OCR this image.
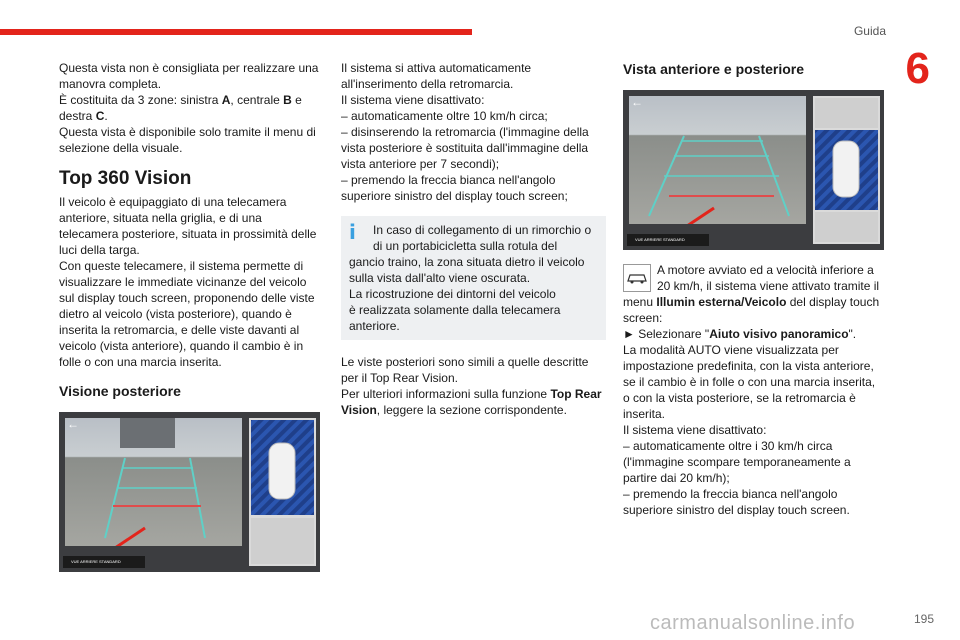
Guida
6
Questa vista non è consigliata per realizzare una
manovra completa.
È costituita da 3 zone: sinistra A, centrale B e
destra C.
Questa vista è disponibile solo tramite il menu di
selezione della visuale.
Top 360 Vision
Il veicolo è equipaggiato di una telecamera
anteriore, situata nella griglia, e di una
telecamera posteriore, situata in prossimità delle
luci della targa.
Con queste telecamere, il sistema permette di
visualizzare le immediate vicinanze del veicolo
sul display touch screen, proponendo delle viste
dietro al veicolo (vista posteriore), quando è
inserita la retromarcia, e delle viste davanti al
veicolo (vista anteriore), quando il cambio è in
folle o con una marcia inserita.
Visione posteriore
←
VUE ARRIERE STANDARD
Il sistema si attiva automaticamente
all'inserimento della retromarcia.
Il sistema viene disattivato:
– automaticamente oltre 10 km/h circa;
– disinserendo la retromarcia (l'immagine della
vista posteriore è sostituita dall'immagine della
vista anteriore per 7 secondi);
– premendo la freccia bianca nell'angolo
superiore sinistro del display touch screen;
i	In caso di collegamento di un rimorchio o
di un portabicicletta sulla rotula del
gancio traino, la zona situata dietro il veicolo
sulla vista dall'alto viene oscurata.
La ricostruzione dei dintorni del veicolo
è realizzata solamente dalla telecamera
anteriore.
Le viste posteriori sono simili a quelle descritte
per il Top Rear Vision.
Per ulteriori informazioni sulla funzione Top Rear
Vision, leggere la sezione corrispondente.
Vista anteriore e posteriore
←
VUE ARRIERE STANDARD
A motore avviato ed a velocità inferiore a
20 km/h, il sistema viene attivato tramite il
menu Illumin esterna/Veicolo del display touch
screen:
► Selezionare "Aiuto visivo panoramico".
La modalità AUTO viene visualizzata per
impostazione predefinita, con la vista anteriore,
se il cambio è in folle o con una marcia inserita,
o con la vista posteriore, se la retromarcia è
inserita.
Il sistema viene disattivato:
– automaticamente oltre i 30 km/h circa
(l'immagine scompare temporaneamente a
partire dai 20 km/h);
– premendo la freccia bianca nell'angolo
superiore sinistro del display touch screen.
carmanualsonline.info	195
